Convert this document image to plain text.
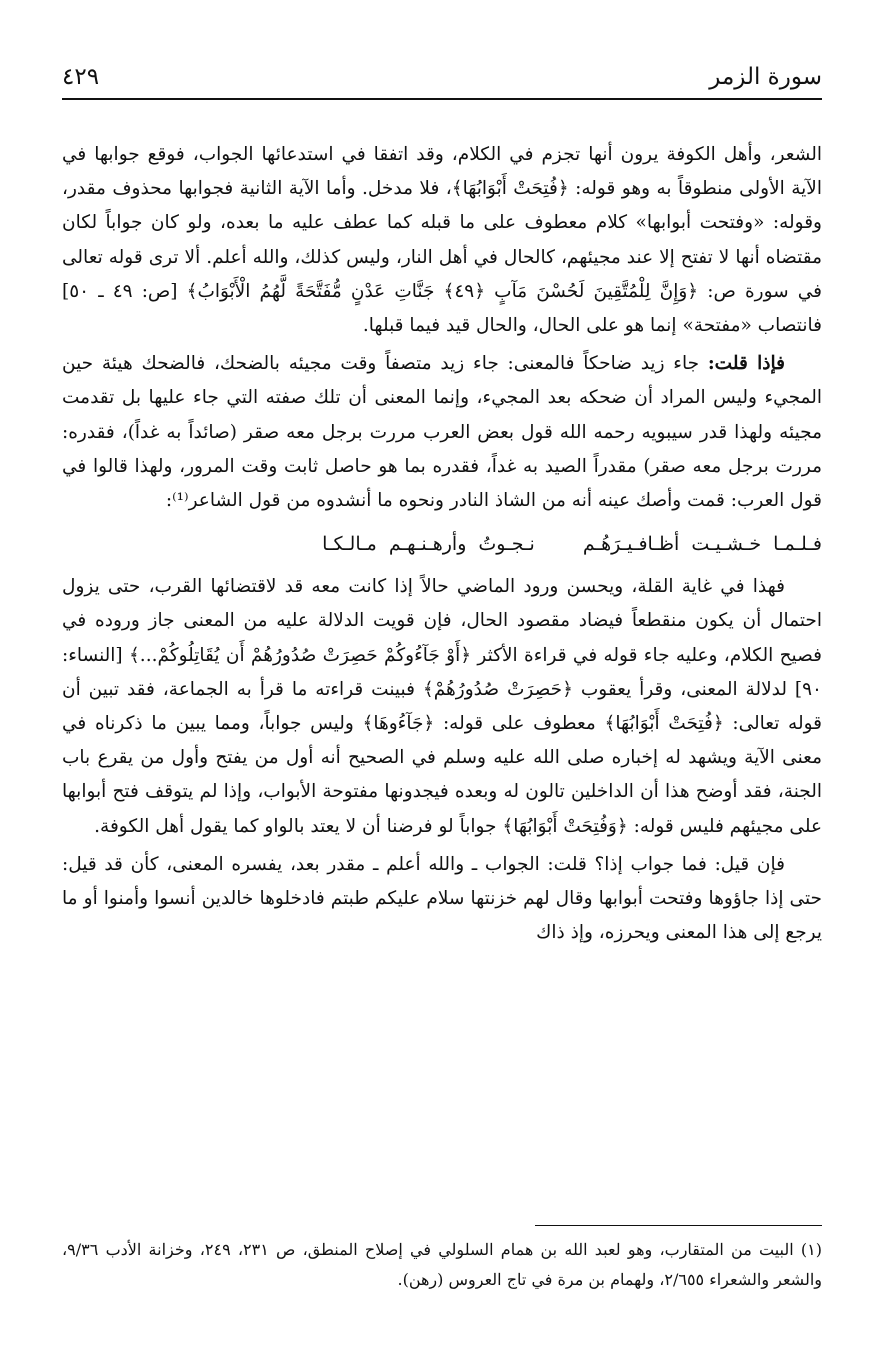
سورة الزمر
٤٢٩

الشعر، وأهل الكوفة يرون أنها تجزم في الكلام، وقد اتفقا في استدعائها الجواب، فوقع جوابها في الآية الأولى منطوقاً به وهو قوله: ﴿فُتِحَتْ أَبْوَابُهَا﴾، فلا مدخل. وأما الآية الثانية فجوابها محذوف مقدر، وقوله: «وفتحت أبوابها» كلام معطوف على ما قبله كما عطف عليه ما بعده، ولو كان جواباً لكان مقتضاه أنها لا تفتح إلا عند مجيئهم، كالحال في أهل النار، وليس كذلك، والله أعلم. ألا ترى قوله تعالى في سورة ص: ﴿وَإِنَّ لِلْمُتَّقِينَ لَحُسْنَ مَآبٍ ﴿٤٩﴾ جَنَّاتِ عَدْنٍ مُّفَتَّحَةً لَّهُمُ الْأَبْوَابُ﴾ [ص: ٤٩ ـ ٥٠] فانتصاب «مفتحة» إنما هو على الحال، والحال قيد فيما قبلها.

فإذا قلت: جاء زيد ضاحكاً فالمعنى: جاء زيد متصفاً وقت مجيئه بالضحك، فالضحك هيئة حين المجيء وليس المراد أن ضحكه بعد المجيء، وإنما المعنى أن تلك صفته التي جاء عليها بل تقدمت مجيئه ولهذا قدر سيبويه رحمه الله قول بعض العرب مررت برجل معه صقر (صائداً به غداً)، فقدره: مررت برجل معه صقر) مقدراً الصيد به غداً، فقدره بما هو حاصل ثابت وقت المرور، ولهذا قالوا في قول العرب: قمت وأصك عينه أنه من الشاذ النادر ونحوه ما أنشدوه من قول الشاعر⁽¹⁾:

فـلـمـا خـشـيـت أظـافـيـرَهُـم نـجـوتُ وأرهـنـهـم مـالـكـا

فهذا في غاية القلة، ويحسن ورود الماضي حالاً إذا كانت معه قد لاقتضائها القرب، حتى يزول احتمال أن يكون منقطعاً فيضاد مقصود الحال، فإن قويت الدلالة عليه من المعنى جاز وروده في فصيح الكلام، وعليه جاء قوله في قراءة الأكثر ﴿أَوْ جَآءُوكُمْ حَصِرَتْ صُدُورُهُمْ أَن يُقَاتِلُوكُمْ...﴾ [النساء: ٩٠] لدلالة المعنى، وقرأ يعقوب ﴿حَصِرَتْ صُدُورُهُمْ﴾ فبينت قراءته ما قرأ به الجماعة، فقد تبين أن قوله تعالى: ﴿فُتِحَتْ أَبْوَابُهَا﴾ معطوف على قوله: ﴿جَآءُوهَا﴾ وليس جواباً، ومما يبين ما ذكرناه في معنى الآية ويشهد له إخباره صلى الله عليه وسلم في الصحيح أنه أول من يفتح وأول من يقرع باب الجنة، فقد أوضح هذا أن الداخلين تالون له وبعده فيجدونها مفتوحة الأبواب، وإذا لم يتوقف فتح أبوابها على مجيئهم فليس قوله: ﴿وَفُتِحَتْ أَبْوَابُهَا﴾ جواباً لو فرضنا أن لا يعتد بالواو كما يقول أهل الكوفة.

فإن قيل: فما جواب إذا؟ قلت: الجواب ـ والله أعلم ـ مقدر بعد، يفسره المعنى، كأن قد قيل: حتى إذا جاؤوها وفتحت أبوابها وقال لهم خزنتها سلام عليكم طبتم فادخلوها خالدين أنسوا وأمنوا أو ما يرجع إلى هذا المعنى ويحرزه، وإذ ذاك

(١) البيت من المتقارب، وهو لعبد الله بن همام السلولي في إصلاح المنطق، ص ٢٣١، ٢٤٩، وخزانة الأدب ٩/٣٦، والشعر والشعراء ٢/٦٥٥، ولهمام بن مرة في تاج العروس (رهن).
